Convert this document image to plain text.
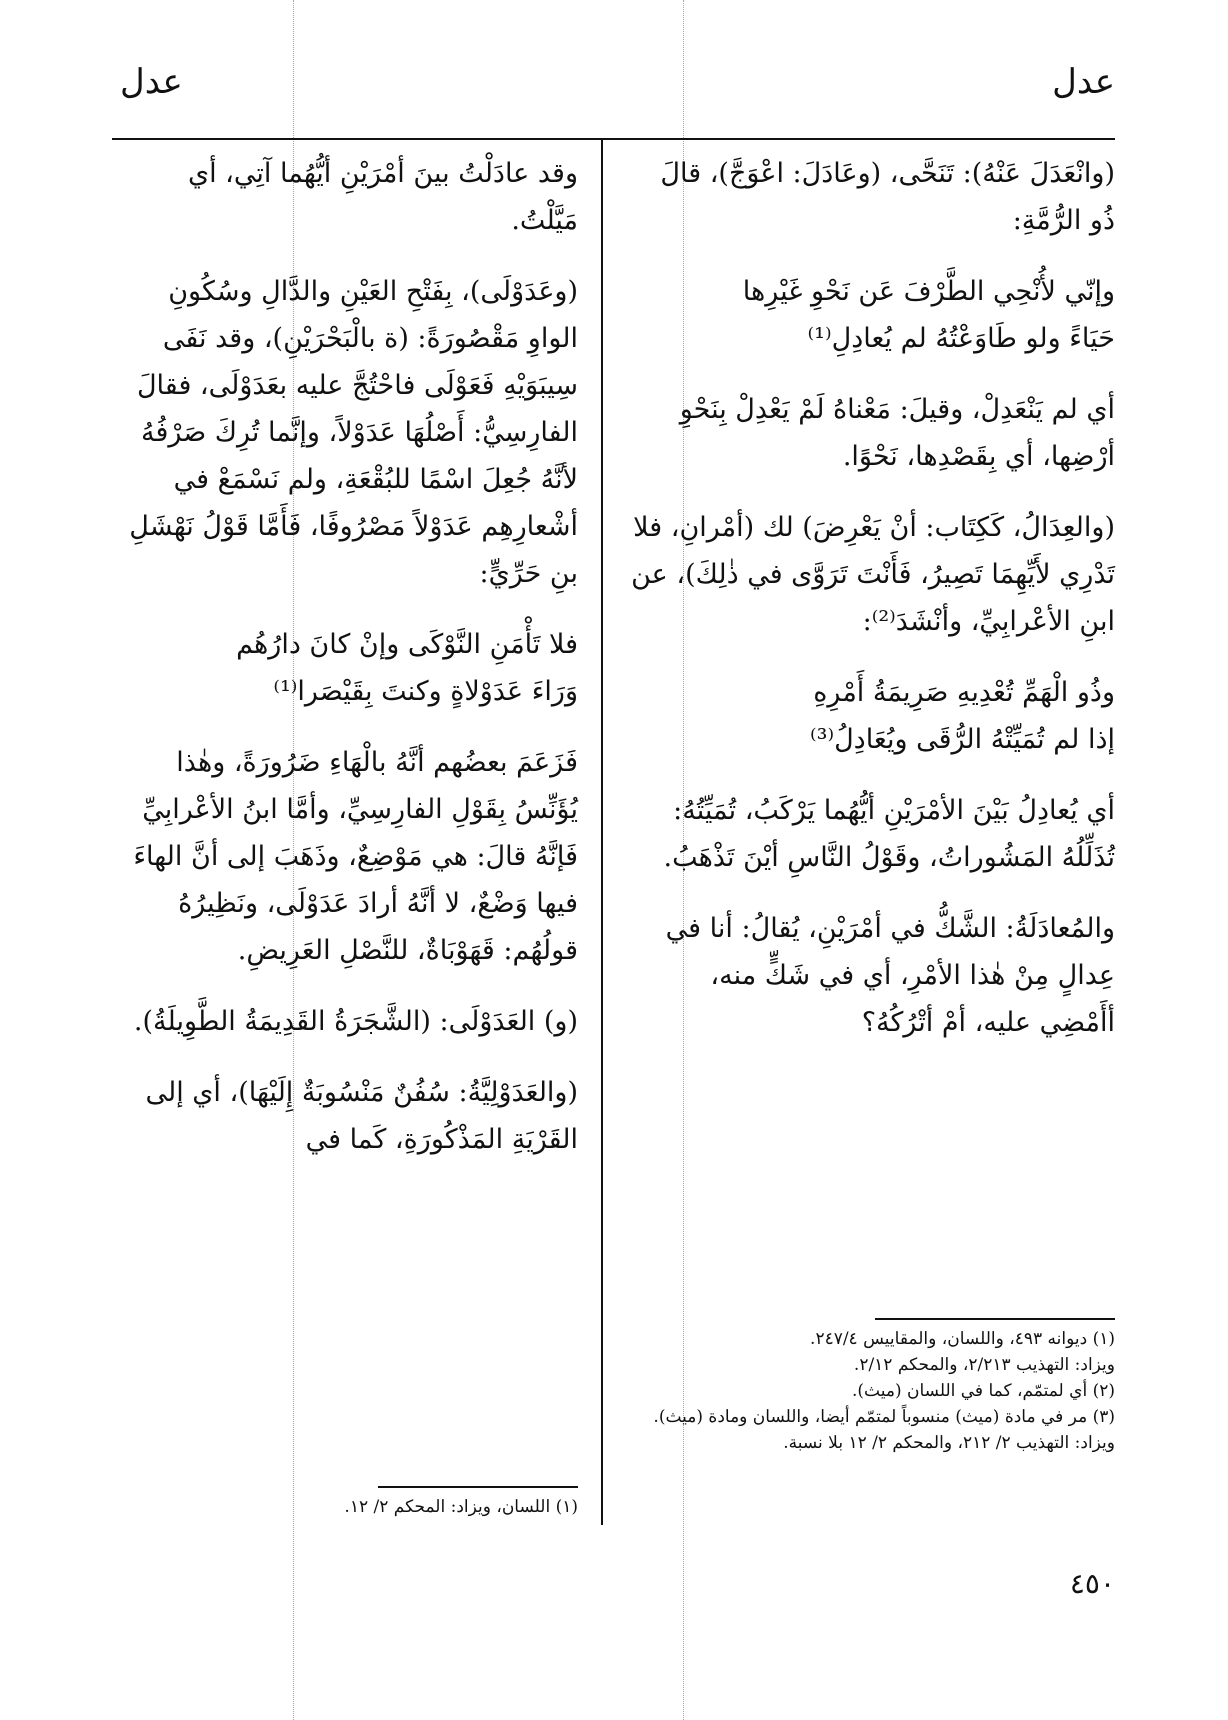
عدل
عدل

(وانْعَدَلَ عَنْهُ): تَنَحَّى، (وعَادَلَ: اعْوَجَّ)، قالَ ذُو الرُّمَّةِ:

وإنّي لأُنْحِي الطَّرْفَ عَن نَحْوِ غَيْرِها
حَيَاءً ولو طَاوَعْتُهُ لم يُعادِلِ⁽¹⁾

أي لم يَنْعَدِلْ، وقيلَ: مَعْناهُ لَمْ يَعْدِلْ بِنَحْوِ أرْضِها، أي بِقَصْدِها، نَحْوًا.

(والعِدَالُ، كَكِتَاب: أنْ يَعْرِضَ) لك (أمْرانِ، فلا تَدْرِي لأَيِّهِمَا تَصِيرُ، فَأَنْتَ تَرَوَّى في ذٰلِكَ)، عن ابنِ الأعْرابِيِّ، وأنْشَدَ⁽²⁾:

وذُو الْهَمِّ تُعْدِيهِ صَرِيمَةُ أَمْرِهِ
إذا لم تُمَيِّتْهُ الرُّقَى ويُعَادِلُ⁽³⁾

أي يُعادِلُ بَيْنَ الأمْرَيْنِ أيُّهُما يَرْكَبُ، تُمَيِّتُهُ: تُذَلِّلُهُ المَشُوراتُ، وقَوْلُ النَّاسِ أيْنَ تَذْهَبُ.

والمُعادَلَةُ: الشَّكُّ في أمْرَيْنِ، يُقالُ: أنا في عِدالٍ مِنْ هٰذا الأمْرِ، أي في شَكٍّ منه، أأَمْضِي عليه، أمْ أتْرُكُهُ؟

وقد عادَلْتُ بينَ أمْرَيْنِ أيُّهُما آتِي، أي مَيَّلْتُ.

(وعَدَوْلَى)، بِفَتْحِ العَيْنِ والدَّالِ وسُكُونِ الواوِ مَقْصُورَةً: (ة بالْبَحْرَيْنِ)، وقد نَفَى سِيبَوَيْهِ فَعَوْلَى فاحْتُجَّ عليه بعَدَوْلَى، فقالَ الفارِسِيُّ: أَصْلُهَا عَدَوْلاً، وإنَّما تُرِكَ صَرْفُهُ لأنَّهُ جُعِلَ اسْمًا للبُقْعَةِ، ولم نَسْمَعْ في أشْعارِهِم عَدَوْلاً مَصْرُوفًا، فَأَمَّا قَوْلُ نَهْشَلِ بنِ حَرِّيٍّ:

فلا تَأْمَنِ النَّوْكَى وإنْ كانَ دارُهُم
وَرَاءَ عَدَوْلاةٍ وكنتَ بِقَيْصَرا⁽¹⁾

فَزَعَمَ بعضُهم أنَّهُ بالْهَاءِ ضَرُورَةً، وهٰذا يُؤَنِّسُ بِقَوْلِ الفارِسِيِّ، وأمَّا ابنُ الأعْرابِيِّ فَإنَّهُ قالَ: هي مَوْضِعٌ، وذَهَبَ إلى أنَّ الهاءَ فيها وَضْعٌ، لا أنَّهُ أرادَ عَدَوْلَى، ونَظِيرُهُ قولُهُم: قَهَوْبَاةٌ، للنَّصْلِ العَرِيضِ.

(و) العَدَوْلَى: (الشَّجَرَةُ القَدِيمَةُ الطَّوِيلَةُ).

(والعَدَوْلِيَّةُ: سُفُنٌ مَنْسُوبَةٌ إِلَيْهَا)، أي إلى القَرْيَةِ المَذْكُورَةِ، كَما في

(١) ديوانه ٤٩٣، واللسان، والمقاييس ٢٤٧/٤.
ويزاد: التهذيب ٢/٢١٣، والمحكم ٢/١٢.
(٢) أي لمتمّم، كما في اللسان (ميث).
(٣) مر في مادة (ميث) منسوباً لمتمّم أيضا، واللسان ومادة (ميث). ويزاد: التهذيب ٢/ ٢١٢، والمحكم ٢/ ١٢ بلا نسبة.
(١) اللسان، ويزاد: المحكم ٢/ ١٢.
٤٥٠
